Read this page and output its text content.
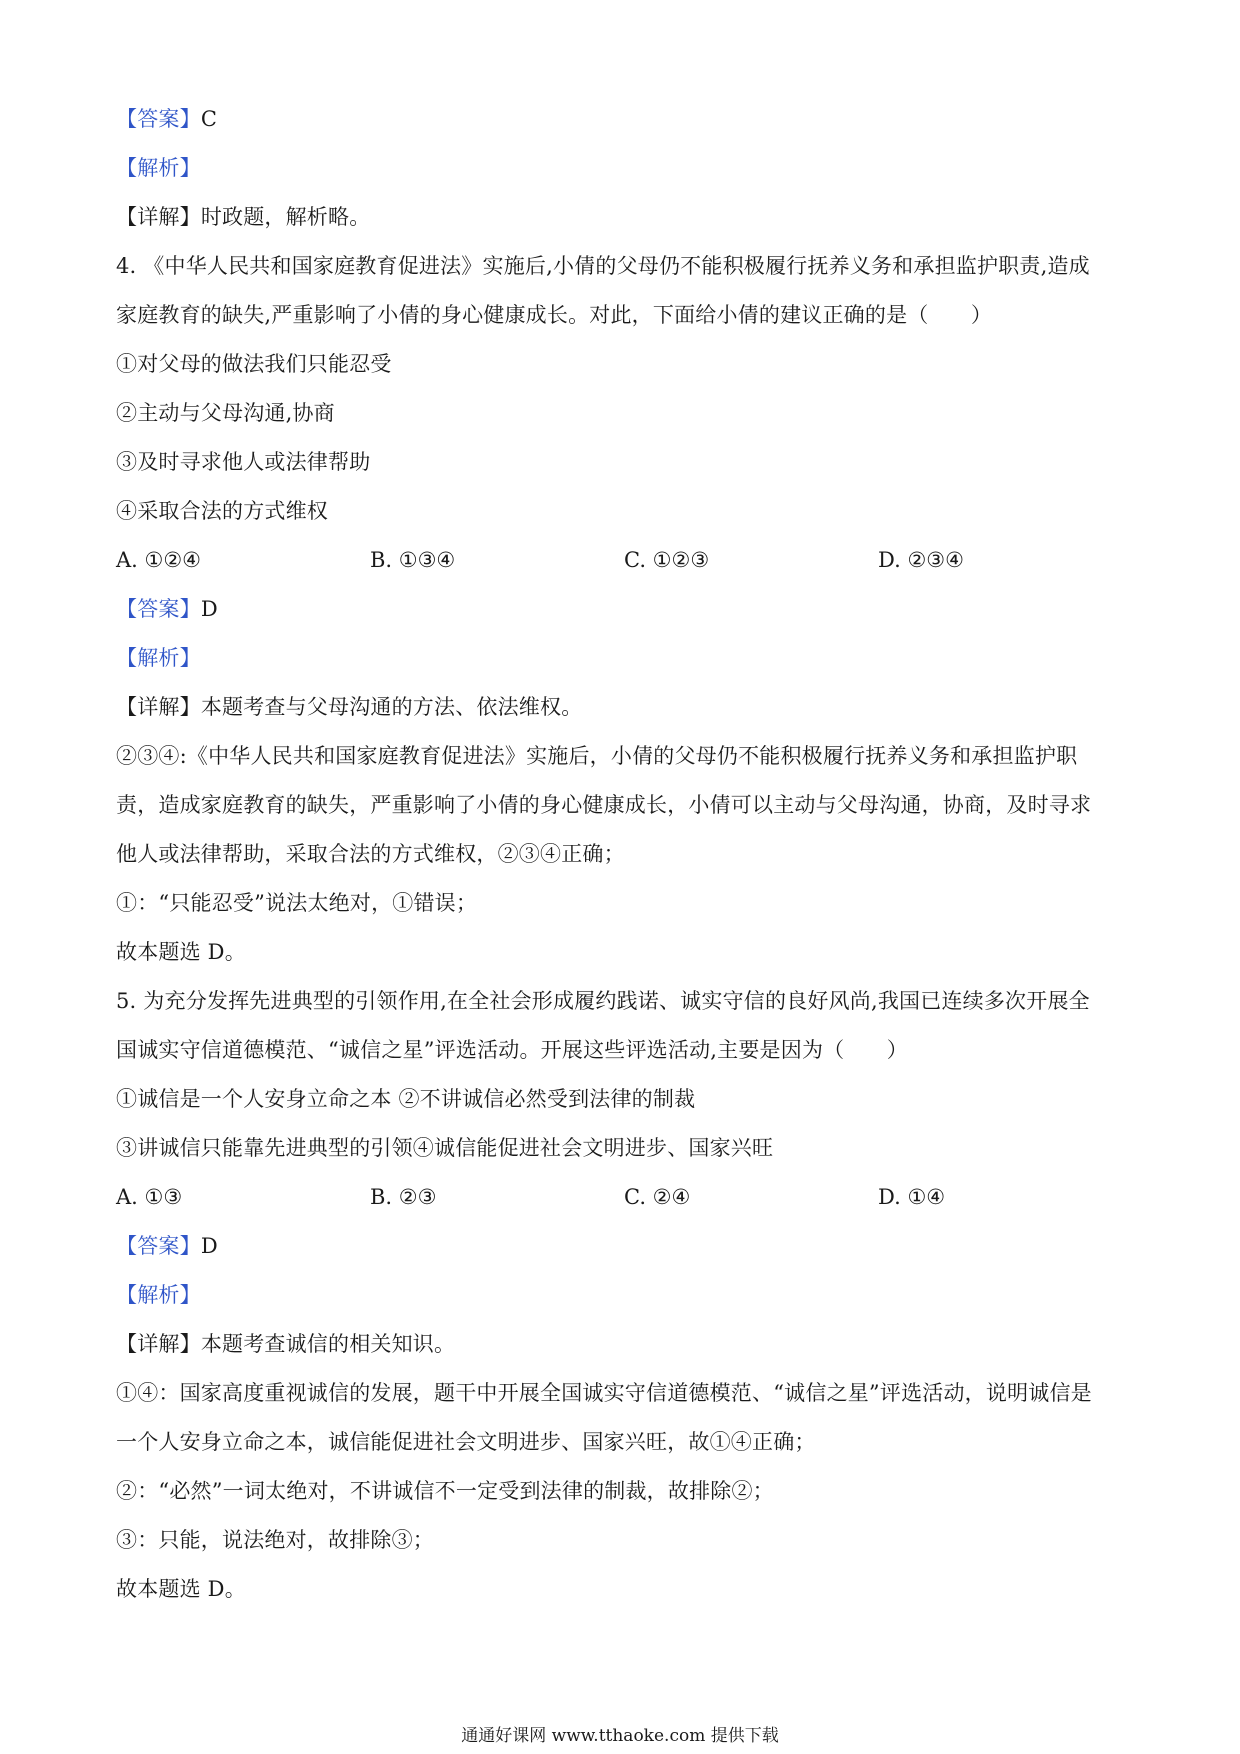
【答案】C
【解析】
【详解】时政题，解析略。
4. 《中华人民共和国家庭教育促进法》实施后,小倩的父母仍不能积极履行抚养义务和承担监护职责,造成
家庭教育的缺失,严重影响了小倩的身心健康成长。对此，下面给小倩的建议正确的是（　　）
①对父母的做法我们只能忍受
②主动与父母沟通,协商
③及时寻求他人或法律帮助
④采取合法的方式维权
A. ①②④	B. ①③④	C. ①②③	D. ②③④
【答案】D
【解析】
【详解】本题考查与父母沟通的方法、依法维权。
②③④:《中华人民共和国家庭教育促进法》实施后，小倩的父母仍不能积极履行抚养义务和承担监护职
责，造成家庭教育的缺失，严重影响了小倩的身心健康成长，小倩可以主动与父母沟通，协商，及时寻求
他人或法律帮助，采取合法的方式维权，②③④正确；
①：“只能忍受”说法太绝对，①错误；
故本题选 D。
5. 为充分发挥先进典型的引领作用,在全社会形成履约践诺、诚实守信的良好风尚,我国已连续多次开展全
国诚实守信道德模范、“诚信之星”评选活动。开展这些评选活动,主要是因为（　　）
①诚信是一个人安身立命之本 ②不讲诚信必然受到法律的制裁
③讲诚信只能靠先进典型的引领④诚信能促进社会文明进步、国家兴旺
A. ①③	B. ②③	C. ②④	D. ①④
【答案】D
【解析】
【详解】本题考查诚信的相关知识。
①④：国家高度重视诚信的发展，题干中开展全国诚实守信道德模范、“诚信之星”评选活动，说明诚信是
一个人安身立命之本，诚信能促进社会文明进步、国家兴旺，故①④正确；
②：“必然”一词太绝对，不讲诚信不一定受到法律的制裁，故排除②；
③：只能，说法绝对，故排除③；
故本题选 D。
通通好课网 www.tthaoke.com 提供下载
